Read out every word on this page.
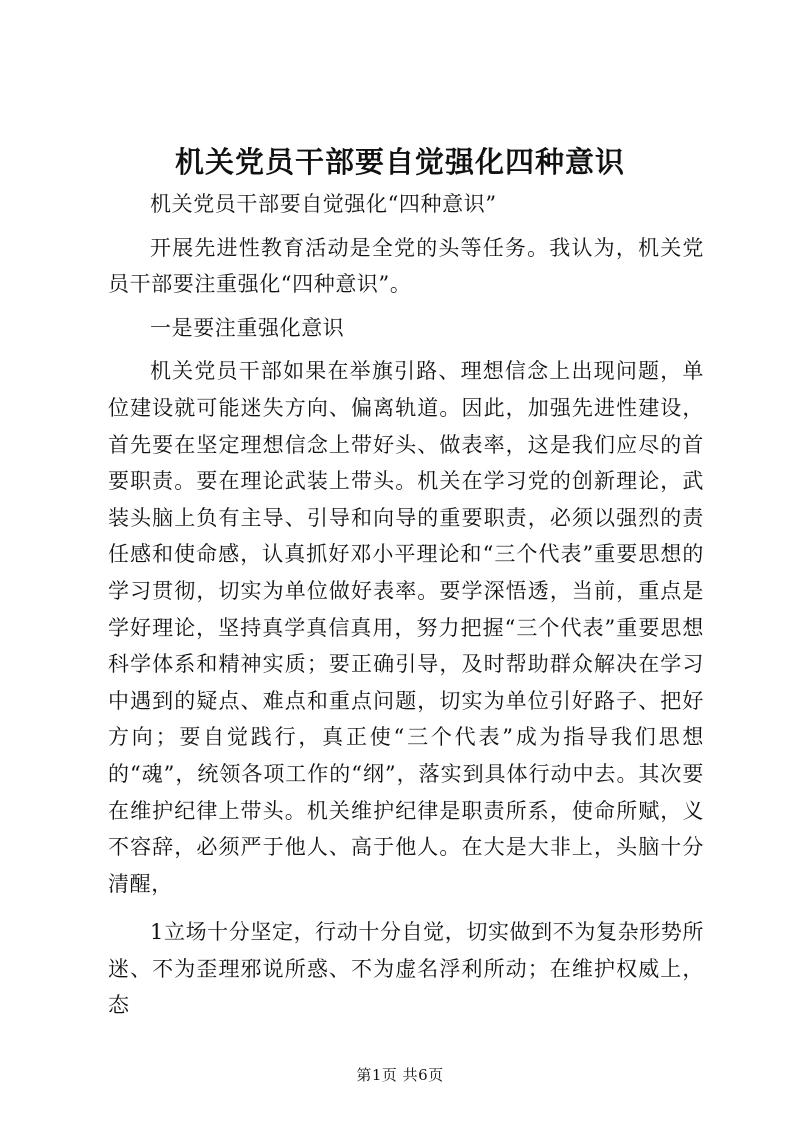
机关党员干部要自觉强化四种意识

机关党员干部要自觉强化“四种意识”

开展先进性教育活动是全党的头等任务。我认为，机关党员干部要注重强化“四种意识”。

一是要注重强化意识

机关党员干部如果在举旗引路、理想信念上出现问题，单位建设就可能迷失方向、偏离轨道。因此，加强先进性建设，首先要在坚定理想信念上带好头、做表率，这是我们应尽的首要职责。要在理论武装上带头。机关在学习党的创新理论，武装头脑上负有主导、引导和向导的重要职责，必须以强烈的责任感和使命感，认真抓好邓小平理论和“三个代表”重要思想的学习贯彻，切实为单位做好表率。要学深悟透，当前，重点是学好理论，坚持真学真信真用，努力把握“三个代表”重要思想科学体系和精神实质；要正确引导，及时帮助群众解决在学习中遇到的疑点、难点和重点问题，切实为单位引好路子、把好方向；要自觉践行，真正使“三个代表”成为指导我们思想的“魂”，统领各项工作的“纲”，落实到具体行动中去。其次要在维护纪律上带头。机关维护纪律是职责所系，使命所赋，义不容辞，必须严于他人、高于他人。在大是大非上，头脑十分清醒，

1立场十分坚定，行动十分自觉，切实做到不为复杂形势所迷、不为歪理邪说所惑、不为虚名浮利所动；在维护权威上，态

第1页 共6页
